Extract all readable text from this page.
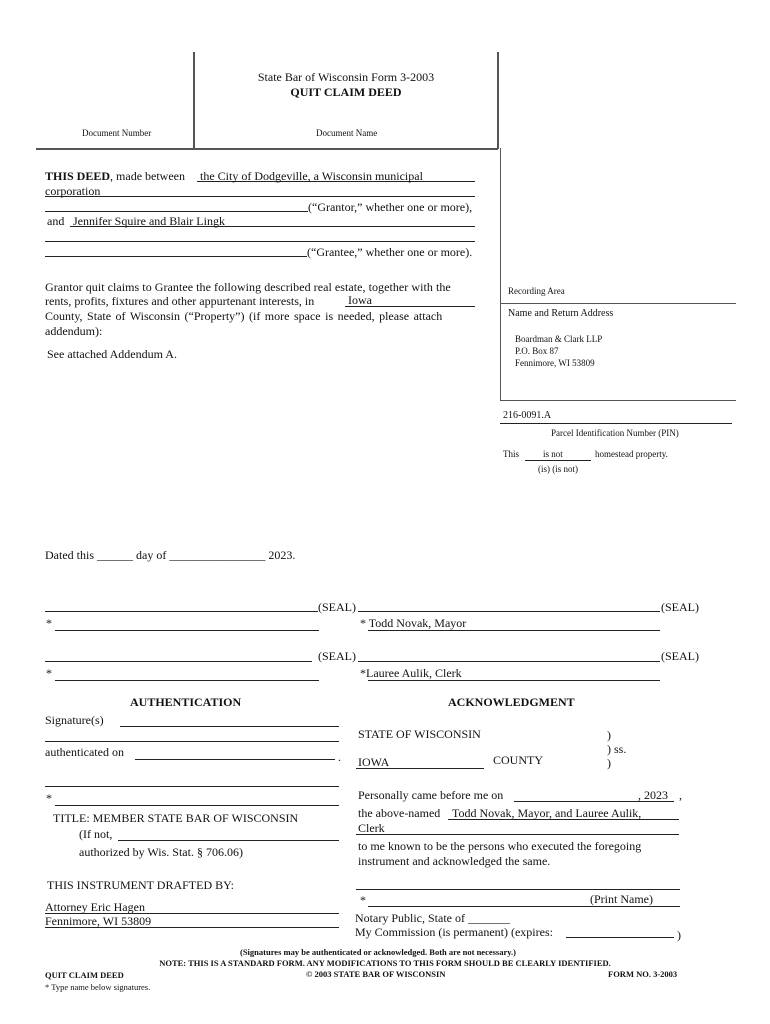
State Bar of Wisconsin Form 3-2003
QUIT CLAIM DEED
Document Number	Document Name
THIS DEED, made between the City of Dodgeville, a Wisconsin municipal
corporation
(“Grantor,” whether one or more),
and Jennifer Squire and Blair Lingk
(“Grantee,” whether one or more).
Grantor quit claims to Grantee the following described real estate, together with the
rents, profits, fixtures and other appurtenant interests, in	Iowa
County, State of Wisconsin (“Property”) (if more space is needed, please attach
addendum):
See attached Addendum A.
Recording Area
Name and Return Address
Boardman & Clark LLP
P.O. Box 87
Fennimore, WI 53809
216-0091.A
Parcel Identification Number (PIN)
This	is not	homestead property.
(is) (is not)
Dated this ______ day of ________________ 2023.
(SEAL)	(SEAL)
*	* Todd Novak, Mayor
(SEAL)	(SEAL)
*	*Lauree Aulik, Clerk
AUTHENTICATION
Signature(s)
authenticated on	.
*
TITLE: MEMBER STATE BAR OF WISCONSIN
(If not,
authorized by Wis. Stat. § 706.06)
THIS INSTRUMENT DRAFTED BY:
Attorney Eric Hagen
Fennimore, WI 53809
ACKNOWLEDGMENT
STATE OF WISCONSIN	)
) ss.
)
IOWA	COUNTY
Personally came before me on	, 2023 ,
the above-named Todd Novak, Mayor, and Lauree Aulik,
Clerk
to me known to be the persons who executed the foregoing
instrument and acknowledged the same.
*	(Print Name)
Notary Public, State of _______
My Commission (is permanent) (expires:	)
(Signatures may be authenticated or acknowledged. Both are not necessary.)
NOTE: THIS IS A STANDARD FORM. ANY MODIFICATIONS TO THIS FORM SHOULD BE CLEARLY IDENTIFIED.
QUIT CLAIM DEED	© 2003 STATE BAR OF WISCONSIN	FORM NO. 3-2003
* Type name below signatures.
